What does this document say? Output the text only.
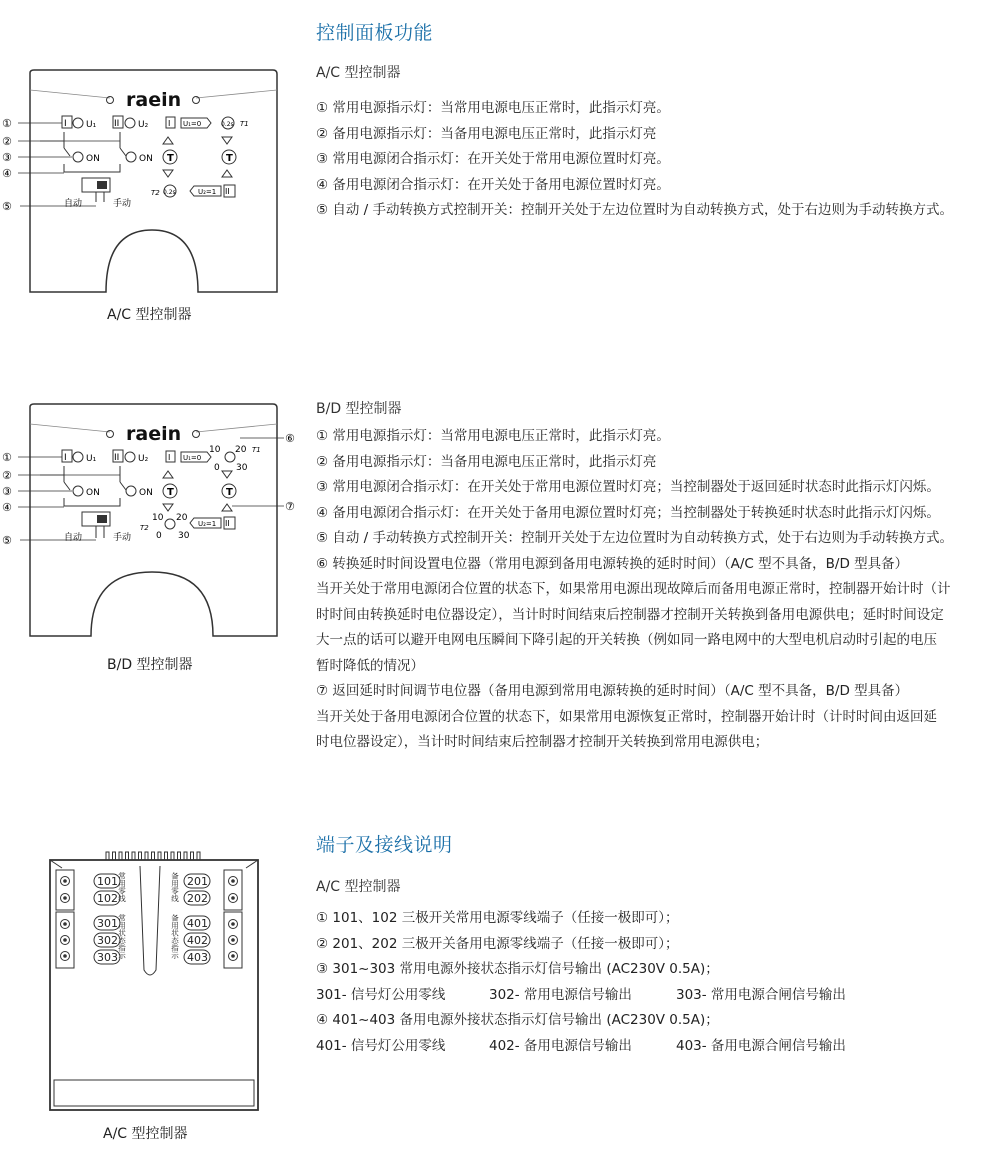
控制面板功能
A/C 型控制器
① 常用电源指示灯：当常用电源电压正常时，此指示灯亮。
② 备用电源指示灯：当备用电源电压正常时，此指示灯亮
③ 常用电源闭合指示灯：在开关处于常用电源位置时灯亮。
④ 备用电源闭合指示灯：在开关处于备用电源位置时灯亮。
⑤ 自动 / 手动转换方式控制开关：控制开关处于左边位置时为自动转换方式，处于右边则为手动转换方式。
raein
I U₁ II U₂
ON	ON
自动	手动
I U₁=0	0.2s T1
T	T
T2 0.2s	U₂=1 II
①
②
③
④
⑤
A/C 型控制器
B/D 型控制器
① 常用电源指示灯：当常用电源电压正常时，此指示灯亮。
② 备用电源指示灯：当备用电源电压正常时，此指示灯亮
③ 常用电源闭合指示灯：在开关处于常用电源位置时灯亮；当控制器处于返回延时状态时此指示灯闪烁。
④ 备用电源闭合指示灯：在开关处于备用电源位置时灯亮；当控制器处于转换延时状态时此指示灯闪烁。
⑤ 自动 / 手动转换方式控制开关：控制开关处于左边位置时为自动转换方式，处于右边则为手动转换方式。
⑥ 转换延时时间设置电位器（常用电源到备用电源转换的延时时间）（A/C 型不具备，B/D 型具备）
当开关处于常用电源闭合位置的状态下，如果常用电源出现故障后而备用电源正常时，控制器开始计时（计
时时间由转换延时电位器设定），当计时时间结束后控制器才控制开关转换到备用电源供电；延时时间设定
大一点的话可以避开电网电压瞬间下降引起的开关转换（例如同一路电网中的大型电机启动时引起的电压
暂时降低的情况）
⑦ 返回延时时间调节电位器（备用电源到常用电源转换的延时时间）（A/C 型不具备，B/D 型具备）
当开关处于备用电源闭合位置的状态下，如果常用电源恢复正常时，控制器开始计时（计时时间由返回延
时电位器设定），当计时时间结束后控制器才控制开关转换到常用电源供电；
raein
I U₁ II U₂
ON	ON
自动	手动
I U₁=0
10 20
0 30
T1
T	T
T2
10 20
0 30
U₂=1 II
①
②
③
④
⑤
⑥
⑦
B/D 型控制器
端子及接线说明
A/C 型控制器
① 101、102 三极开关常用电源零线端子（任接一极即可）；
② 201、202 三极开关备用电源零线端子（任接一极即可）；
③ 301~303 常用电源外接状态指示灯信号输出 (AC230V 0.5A)；
301- 信号灯公用零线	302- 常用电源信号输出	303- 常用电源合闸信号输出
④ 401~403 备用电源外接状态指示灯信号输出 (AC230V 0.5A)；
401- 信号灯公用零线	402- 备用电源信号输出	403- 备用电源合闸信号输出
101
102
301
302
303
201
202
401
402
403
常用零线
常用状态指示
备用零线
备用状态指示
A/C 型控制器
